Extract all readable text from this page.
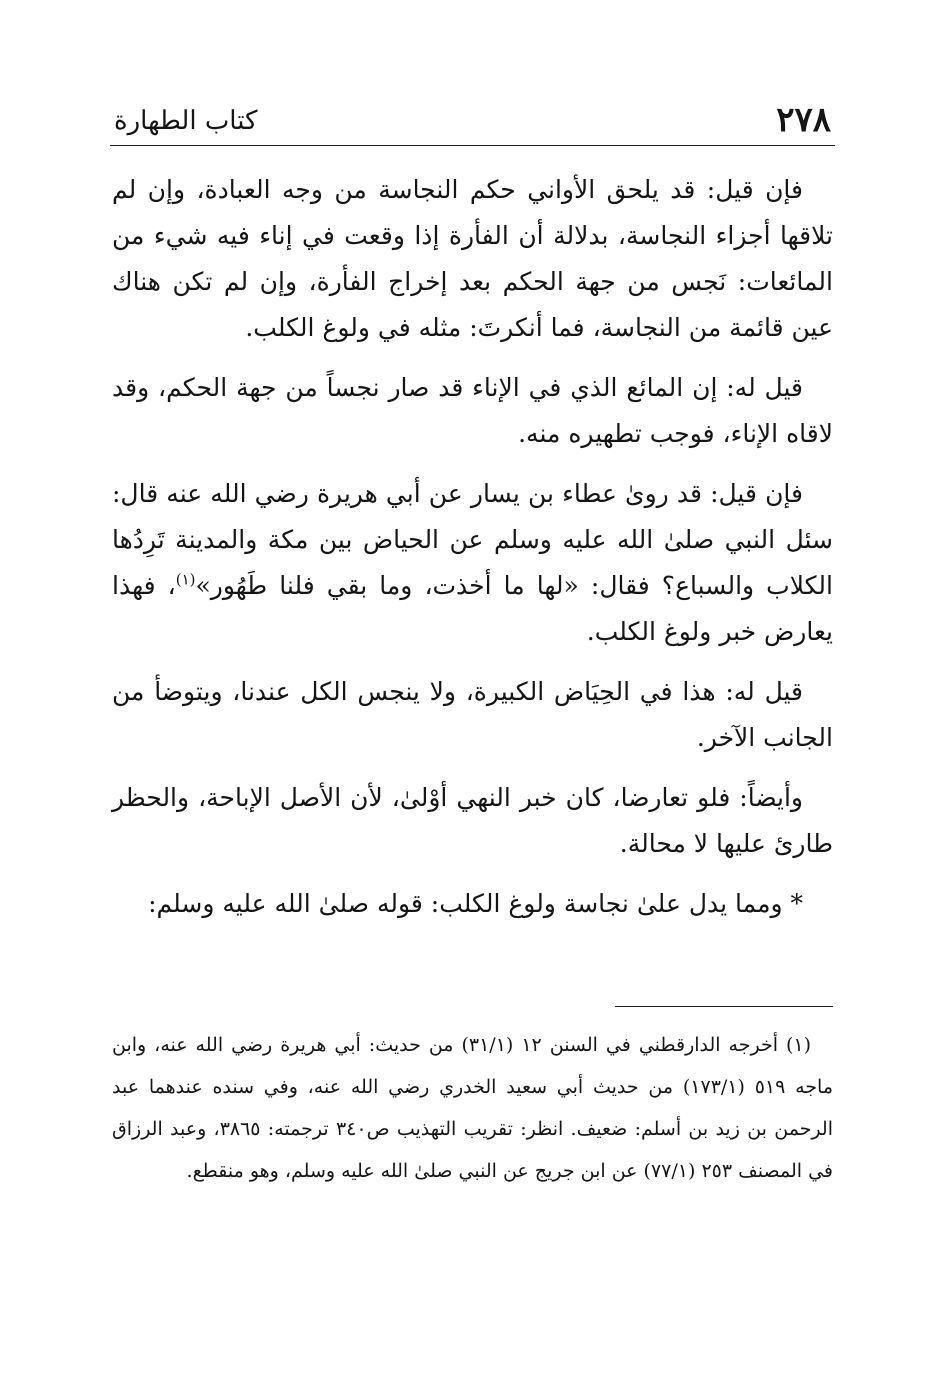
٢٧٨
كتاب الطهارة

فإن قيل: قد يلحق الأواني حكم النجاسة من وجه العبادة، وإن لم تلاقها أجزاء النجاسة، بدلالة أن الفأرة إذا وقعت في إناء فيه شيء من المائعات: نَجس من جهة الحكم بعد إخراج الفأرة، وإن لم تكن هناك عين قائمة من النجاسة، فما أنكرتَ: مثله في ولوغ الكلب.

قيل له: إن المائع الذي في الإناء قد صار نجساً من جهة الحكم، وقد لاقاه الإناء، فوجب تطهيره منه.

فإن قيل: قد روىٰ عطاء بن يسار عن أبي هريرة رضي الله عنه قال: سئل النبي صلىٰ الله عليه وسلم عن الحياض بين مكة والمدينة تَرِدُها الكلاب والسباع؟ فقال: «لها ما أخذت، وما بقي فلنا طَهُور»$^{(١)}$، فهذا يعارض خبر ولوغ الكلب.

قيل له: هذا في الحِيَاض الكبيرة، ولا ينجس الكل عندنا، ويتوضأ من الجانب الآخر.

وأيضاً: فلو تعارضا، كان خبر النهي أوْلىٰ، لأن الأصل الإباحة، والحظر طارئ عليها لا محالة.

* ومما يدل علىٰ نجاسة ولوغ الكلب: قوله صلىٰ الله عليه وسلم:

(١) أخرجه الدارقطني في السنن ١٢ (٣١/١) من حديث: أبي هريرة رضي الله عنه، وابن ماجه ٥١٩ (١٧٣/١) من حديث أبي سعيد الخدري رضي الله عنه، وفي سنده عندهما عبد الرحمن بن زيد بن أسلم: ضعيف. انظر: تقريب التهذيب ص٣٤٠ ترجمته: ٣٨٦٥، وعبد الرزاق في المصنف ٢٥٣ (٧٧/١) عن ابن جريج عن النبي صلىٰ الله عليه وسلم، وهو منقطع.
